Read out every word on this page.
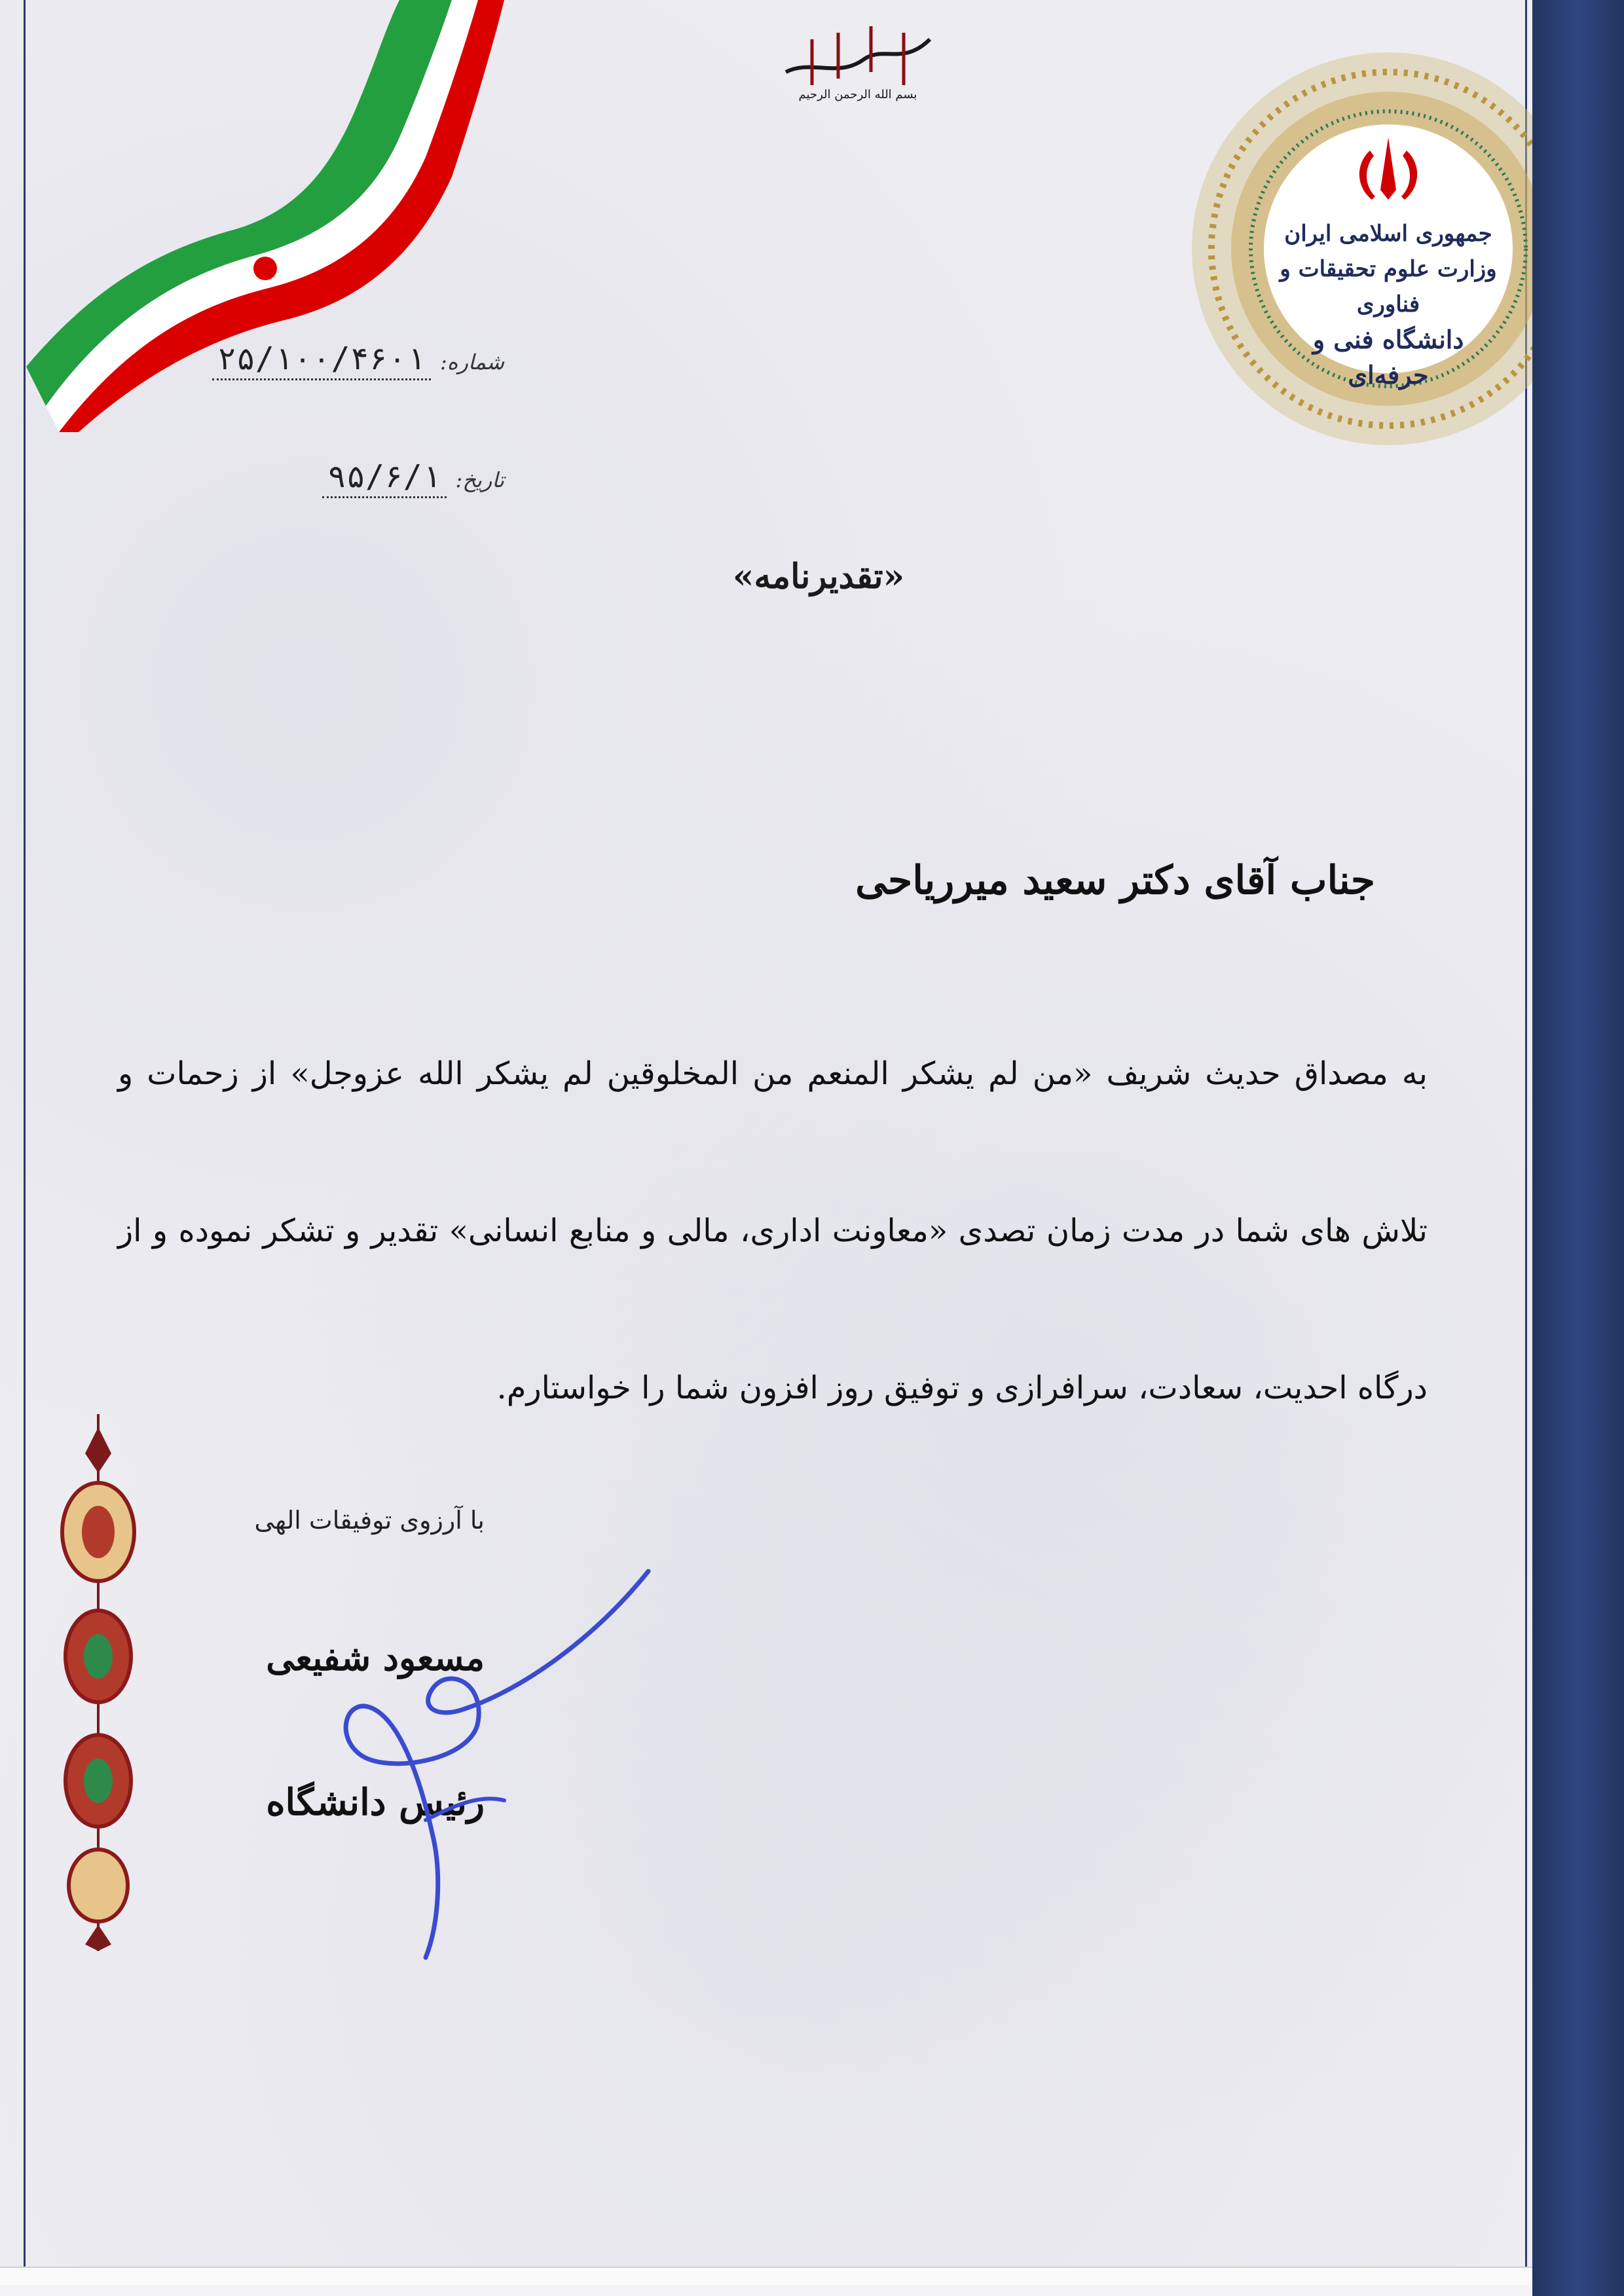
بسم الله الرحمن الرحیم
جمهوری اسلامی ایران
وزارت علوم تحقیقات و فناوری
دانشگاه فنی و حرفه‌ای
شماره:
۲۵/۱۰۰/۴۶۰۱
تاریخ:
۹۵/۶/۱
«تقدیرنامه»
جناب آقای دکتر سعید میرریاحی
به مصداق حدیث شریف «من لم یشکر المنعم من المخلوقین لم یشکر الله عزوجل» از زحمات و تلاش های شما در مدت زمان تصدی «معاونت اداری، مالی و منابع انسانی» تقدیر و تشکر نموده و از درگاه احدیت، سعادت، سرافرازی و توفیق روز افزون شما را خواستارم.
با آرزوی توفیقات الهی
مسعود شفیعی
رئیس دانشگاه
